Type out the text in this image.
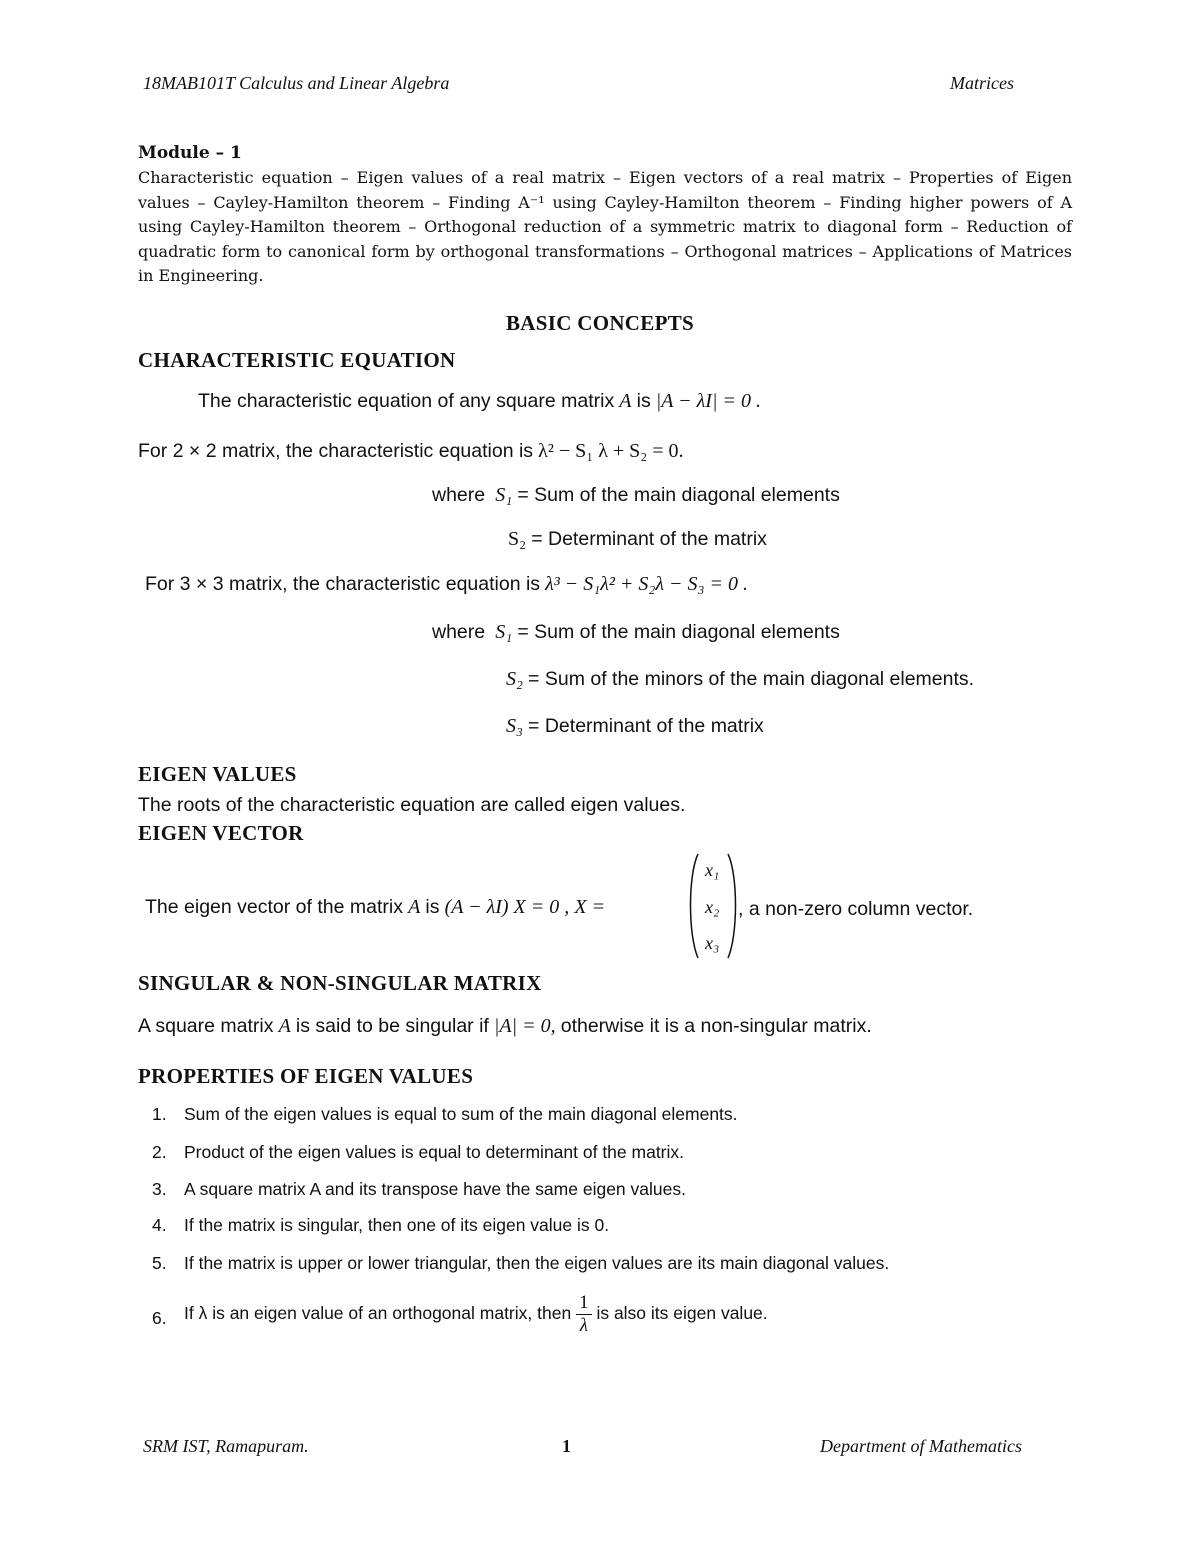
18MAB101T Calculus and Linear Algebra	Matrices
Module – 1
Characteristic equation – Eigen values of a real matrix – Eigen vectors of a real matrix – Properties of Eigen values – Cayley-Hamilton theorem – Finding A⁻¹ using Cayley-Hamilton theorem – Finding higher powers of A using Cayley-Hamilton theorem – Orthogonal reduction of a symmetric matrix to diagonal form – Reduction of quadratic form to canonical form by orthogonal transformations – Orthogonal matrices – Applications of Matrices in Engineering.
BASIC CONCEPTS
CHARACTERISTIC EQUATION
The characteristic equation of any square matrix A is |A − λI| = 0 .
For 2 × 2 matrix, the characteristic equation is λ² − S₁ λ + S₂ = 0.
where S₁ = Sum of the main diagonal elements
S₂ = Determinant of the matrix
For 3 × 3 matrix, the characteristic equation is λ³ − S₁λ² + S₂λ − S₃ = 0 .
where S₁ = Sum of the main diagonal elements
S₂ = Sum of the minors of the main diagonal elements.
S₃ = Determinant of the matrix
EIGEN VALUES
The roots of the characteristic equation are called eigen values.
EIGEN VECTOR
The eigen vector of the matrix A is (A − λI) X = 0 , X =
x₁
x₂
x₃
, a non-zero column vector.
SINGULAR & NON-SINGULAR MATRIX
A square matrix A is said to be singular if |A| = 0, otherwise it is a non-singular matrix.
PROPERTIES OF EIGEN VALUES
1. Sum of the eigen values is equal to sum of the main diagonal elements.
2. Product of the eigen values is equal to determinant of the matrix.
3. A square matrix A and its transpose have the same eigen values.
4. If the matrix is singular, then one of its eigen value is 0.
5. If the matrix is upper or lower triangular, then the eigen values are its main diagonal values.
6. If λ is an eigen value of an orthogonal matrix, then $\frac{1}{\lambda}$ is also its eigen value.
SRM IST, Ramapuram.	1	Department of Mathematics
